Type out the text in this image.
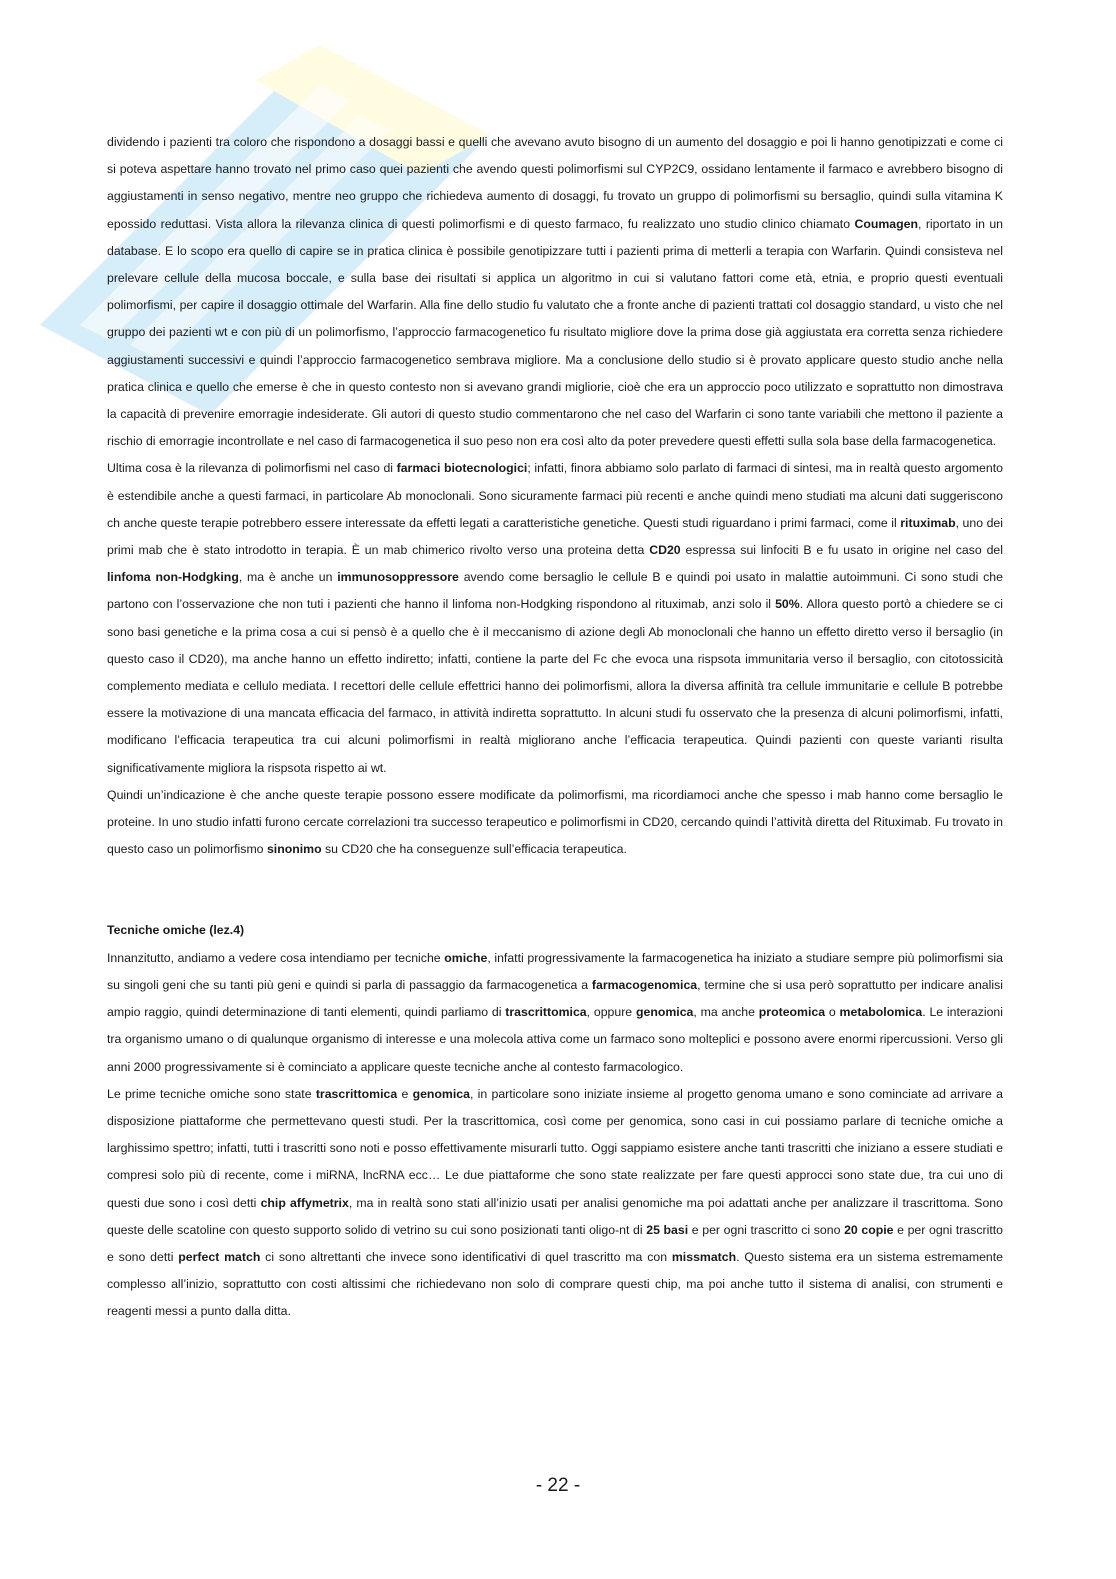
dividendo i pazienti tra coloro che rispondono a dosaggi bassi e quelli che avevano avuto bisogno di un aumento del dosaggio e poi li hanno genotipizzati e come ci si poteva aspettare hanno trovato nel primo caso quei pazienti che avendo questi polimorfismi sul CYP2C9, ossidano lentamente il farmaco e avrebbero bisogno di aggiustamenti in senso negativo, mentre neo gruppo che richiedeva aumento di dosaggi, fu trovato un gruppo di polimorfismi su bersaglio, quindi sulla vitamina K epossido reduttasi. Vista allora la rilevanza clinica di questi polimorfismi e di questo farmaco, fu realizzato uno studio clinico chiamato Coumagen, riportato in un database. E lo scopo era quello di capire se in pratica clinica è possibile genotipizzare tutti i pazienti prima di metterli a terapia con Warfarin. Quindi consisteva nel prelevare cellule della mucosa boccale, e sulla base dei risultati si applica un algoritmo in cui si valutano fattori come età, etnia, e proprio questi eventuali polimorfismi, per capire il dosaggio ottimale del Warfarin. Alla fine dello studio fu valutato che a fronte anche di pazienti trattati col dosaggio standard, u visto che nel gruppo dei pazienti wt e con più di un polimorfismo, l’approccio farmacogenetico fu risultato migliore dove la prima dose già aggiustata era corretta senza richiedere aggiustamenti successivi e quindi l’approccio farmacogenetico sembrava migliore. Ma a conclusione dello studio si è provato applicare questo studio anche nella pratica clinica e quello che emerse è che in questo contesto non si avevano grandi migliorie, cioè che era un approccio poco utilizzato e soprattutto non dimostrava la capacità di prevenire emorragie indesiderate. Gli autori di questo studio commentarono che nel caso del Warfarin ci sono tante variabili che mettono il paziente a rischio di emorragie incontrollate e nel caso di farmacogenetica il suo peso non era così alto da poter prevedere questi effetti sulla sola base della farmacogenetica.

Ultima cosa è la rilevanza di polimorfismi nel caso di farmaci biotecnologici; infatti, finora abbiamo solo parlato di farmaci di sintesi, ma in realtà questo argomento è estendibile anche a questi farmaci, in particolare Ab monoclonali. Sono sicuramente farmaci più recenti e anche quindi meno studiati ma alcuni dati suggeriscono ch anche queste terapie potrebbero essere interessate da effetti legati a caratteristiche genetiche. Questi studi riguardano i primi farmaci, come il rituximab, uno dei primi mab che è stato introdotto in terapia. È un mab chimerico rivolto verso una proteina detta CD20 espressa sui linfociti B e fu usato in origine nel caso del linfoma non-Hodgking, ma è anche un immunosoppressore avendo come bersaglio le cellule B e quindi poi usato in malattie autoimmuni. Ci sono studi che partono con l’osservazione che non tuti i pazienti che hanno il linfoma non-Hodgking rispondono al rituximab, anzi solo il 50%. Allora questo portò a chiedere se ci sono basi genetiche e la prima cosa a cui si pensò è a quello che è il meccanismo di azione degli Ab monoclonali che hanno un effetto diretto verso il bersaglio (in questo caso il CD20), ma anche hanno un effetto indiretto; infatti, contiene la parte del Fc che evoca una rispsota immunitaria verso il bersaglio, con citotossicità complemento mediata e cellulo mediata. I recettori delle cellule effettrici hanno dei polimorfismi, allora la diversa affinità tra cellule immunitarie e cellule B potrebbe essere la motivazione di una mancata efficacia del farmaco, in attività indiretta soprattutto. In alcuni studi fu osservato che la presenza di alcuni polimorfismi, infatti, modificano l’efficacia terapeutica tra cui alcuni polimorfismi in realtà migliorano anche l’efficacia terapeutica. Quindi pazienti con queste varianti risulta significativamente migliora la rispsota rispetto ai wt.

Quindi un’indicazione è che anche queste terapie possono essere modificate da polimorfismi, ma ricordiamoci anche che spesso i mab hanno come bersaglio le proteine. In uno studio infatti furono cercate correlazioni tra successo terapeutico e polimorfismi in CD20, cercando quindi l’attività diretta del Rituximab. Fu trovato in questo caso un polimorfismo sinonimo su CD20 che ha conseguenze sull’efficacia terapeutica.

Tecniche omiche (lez.4)

Innanzitutto, andiamo a vedere cosa intendiamo per tecniche omiche, infatti progressivamente la farmacogenetica ha iniziato a studiare sempre più polimorfismi sia su singoli geni che su tanti più geni e quindi si parla di passaggio da farmacogenetica a farmacogenomica, termine che si usa però soprattutto per indicare analisi ampio raggio, quindi determinazione di tanti elementi, quindi parliamo di trascrittomica, oppure genomica, ma anche proteomica o metabolomica. Le interazioni tra organismo umano o di qualunque organismo di interesse e una molecola attiva come un farmaco sono molteplici e possono avere enormi ripercussioni. Verso gli anni 2000 progressivamente si è cominciato a applicare queste tecniche anche al contesto farmacologico.

Le prime tecniche omiche sono state trascrittomica e genomica, in particolare sono iniziate insieme al progetto genoma umano e sono cominciate ad arrivare a disposizione piattaforme che permettevano questi studi. Per la trascrittomica, così come per genomica, sono casi in cui possiamo parlare di tecniche omiche a larghissimo spettro; infatti, tutti i trascritti sono noti e posso effettivamente misurarli tutto. Oggi sappiamo esistere anche tanti trascritti che iniziano a essere studiati e compresi solo più di recente, come i miRNA, lncRNA ecc… Le due piattaforme che sono state realizzate per fare questi approcci sono state due, tra cui uno di questi due sono i così detti chip affymetrix, ma in realtà sono stati all’inizio usati per analisi genomiche ma poi adattati anche per analizzare il trascrittoma. Sono queste delle scatoline con questo supporto solido di vetrino su cui sono posizionati tanti oligo-nt di 25 basi e per ogni trascritto ci sono 20 copie e per ogni trascritto e sono detti perfect match ci sono altrettanti che invece sono identificativi di quel trascritto ma con missmatch. Questo sistema era un sistema estremamente complesso all’inizio, soprattutto con costi altissimi che richiedevano non solo di comprare questi chip, ma poi anche tutto il sistema di analisi, con strumenti e reagenti messi a punto dalla ditta.

- 22 -
